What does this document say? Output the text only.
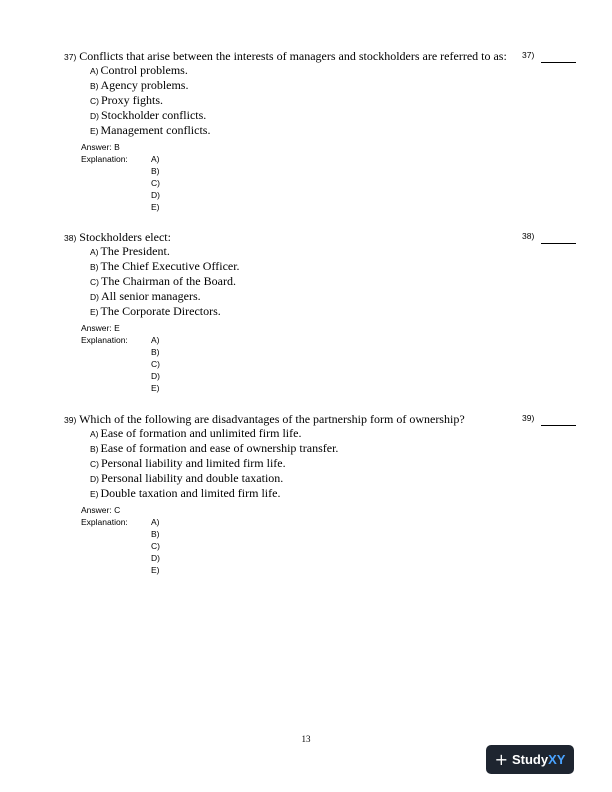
37) Conflicts that arise between the interests of managers and stockholders are referred to as: 37)
A) Control problems.
B) Agency problems.
C) Proxy fights.
D) Stockholder conflicts.
E) Management conflicts.
Answer: B
Explanation:	A)
B)
C)
D)
E)
38) Stockholders elect:	38)
A) The President.
B) The Chief Executive Officer.
C) The Chairman of the Board.
D) All senior managers.
E) The Corporate Directors.
Answer: E
Explanation:	A)
B)
C)
D)
E)
39) Which of the following are disadvantages of the partnership form of ownership?	39)
A) Ease of formation and unlimited firm life.
B) Ease of formation and ease of ownership transfer.
C) Personal liability and limited firm life.
D) Personal liability and double taxation.
E) Double taxation and limited firm life.
Answer: C
Explanation:	A)
B)
C)
D)
E)
13
+ StudyXY
